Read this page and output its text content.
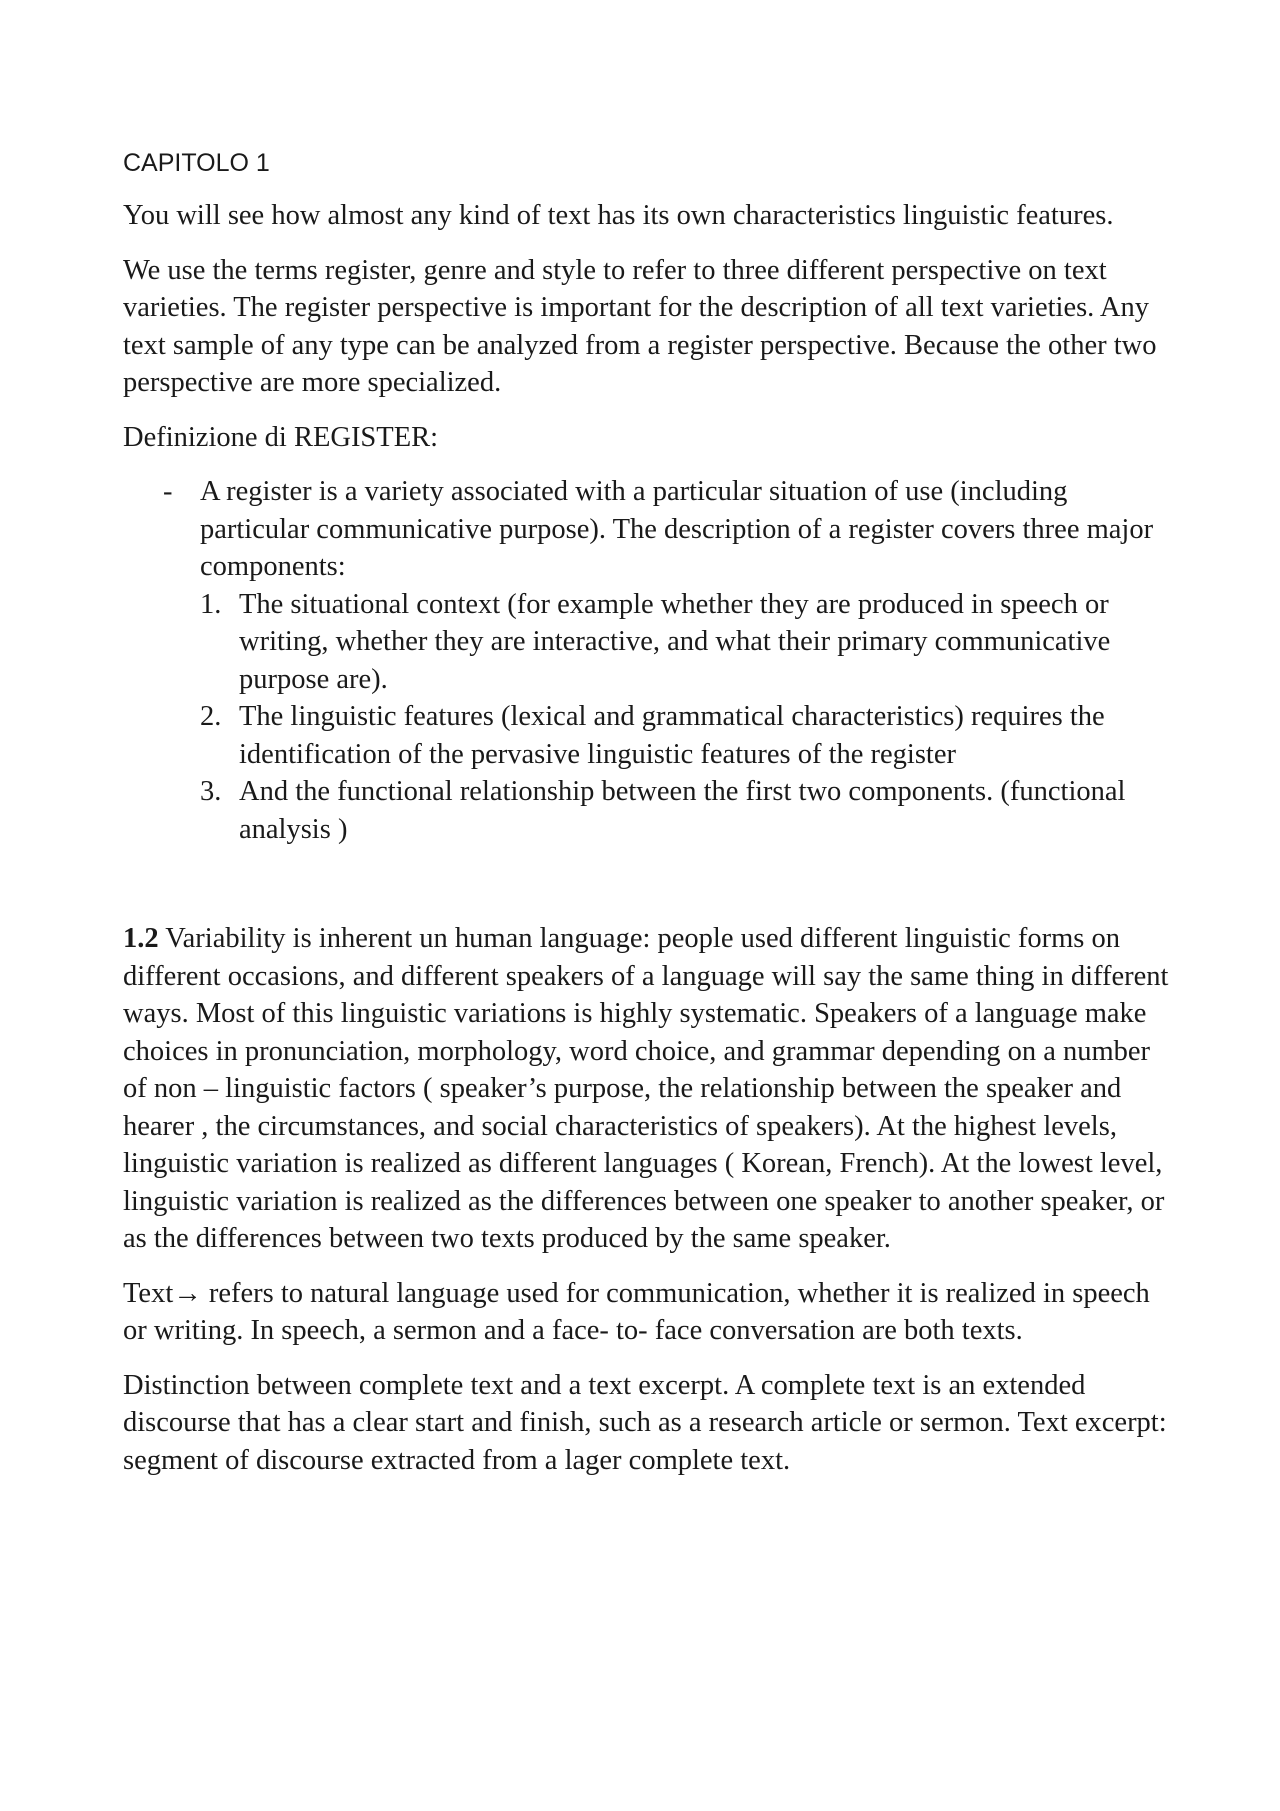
CAPITOLO 1

You will see how almost any kind of text has its own characteristics linguistic features.

We use the terms register, genre and style to refer to three different perspective on text varieties. The register perspective is important for the description of all text varieties. Any text sample of any type can be analyzed from a register perspective. Because the other two perspective are more specialized.

Definizione di REGISTER:

- A register is a variety associated with a particular situation of use (including particular communicative purpose). The description of a register covers three major components:
1. The situational context (for example whether they are produced in speech or writing, whether they are interactive, and what their primary communicative purpose are).
2. The linguistic features (lexical and grammatical characteristics) requires the identification of the pervasive linguistic features of the register
3. And the functional relationship between the first two components. (functional analysis )

1.2 Variability is inherent un human language: people used different linguistic forms on different occasions, and different speakers of a language will say the same thing in different ways. Most of this linguistic variations is highly systematic. Speakers of a language make choices in pronunciation, morphology, word choice, and grammar depending on a number of non – linguistic factors ( speaker’s purpose, the relationship between the speaker and hearer , the circumstances, and social characteristics of speakers). At the highest levels, linguistic variation is realized as different languages ( Korean, French). At the lowest level, linguistic variation is realized as the differences between one speaker to another speaker, or as the differences between two texts produced by the same speaker.

Text→ refers to natural language used for communication, whether it is realized in speech or writing. In speech, a sermon and a face- to- face conversation are both texts.

Distinction between complete text and a text excerpt. A complete text is an extended discourse that has a clear start and finish, such as a research article or sermon. Text excerpt: segment of discourse extracted from a lager complete text.
